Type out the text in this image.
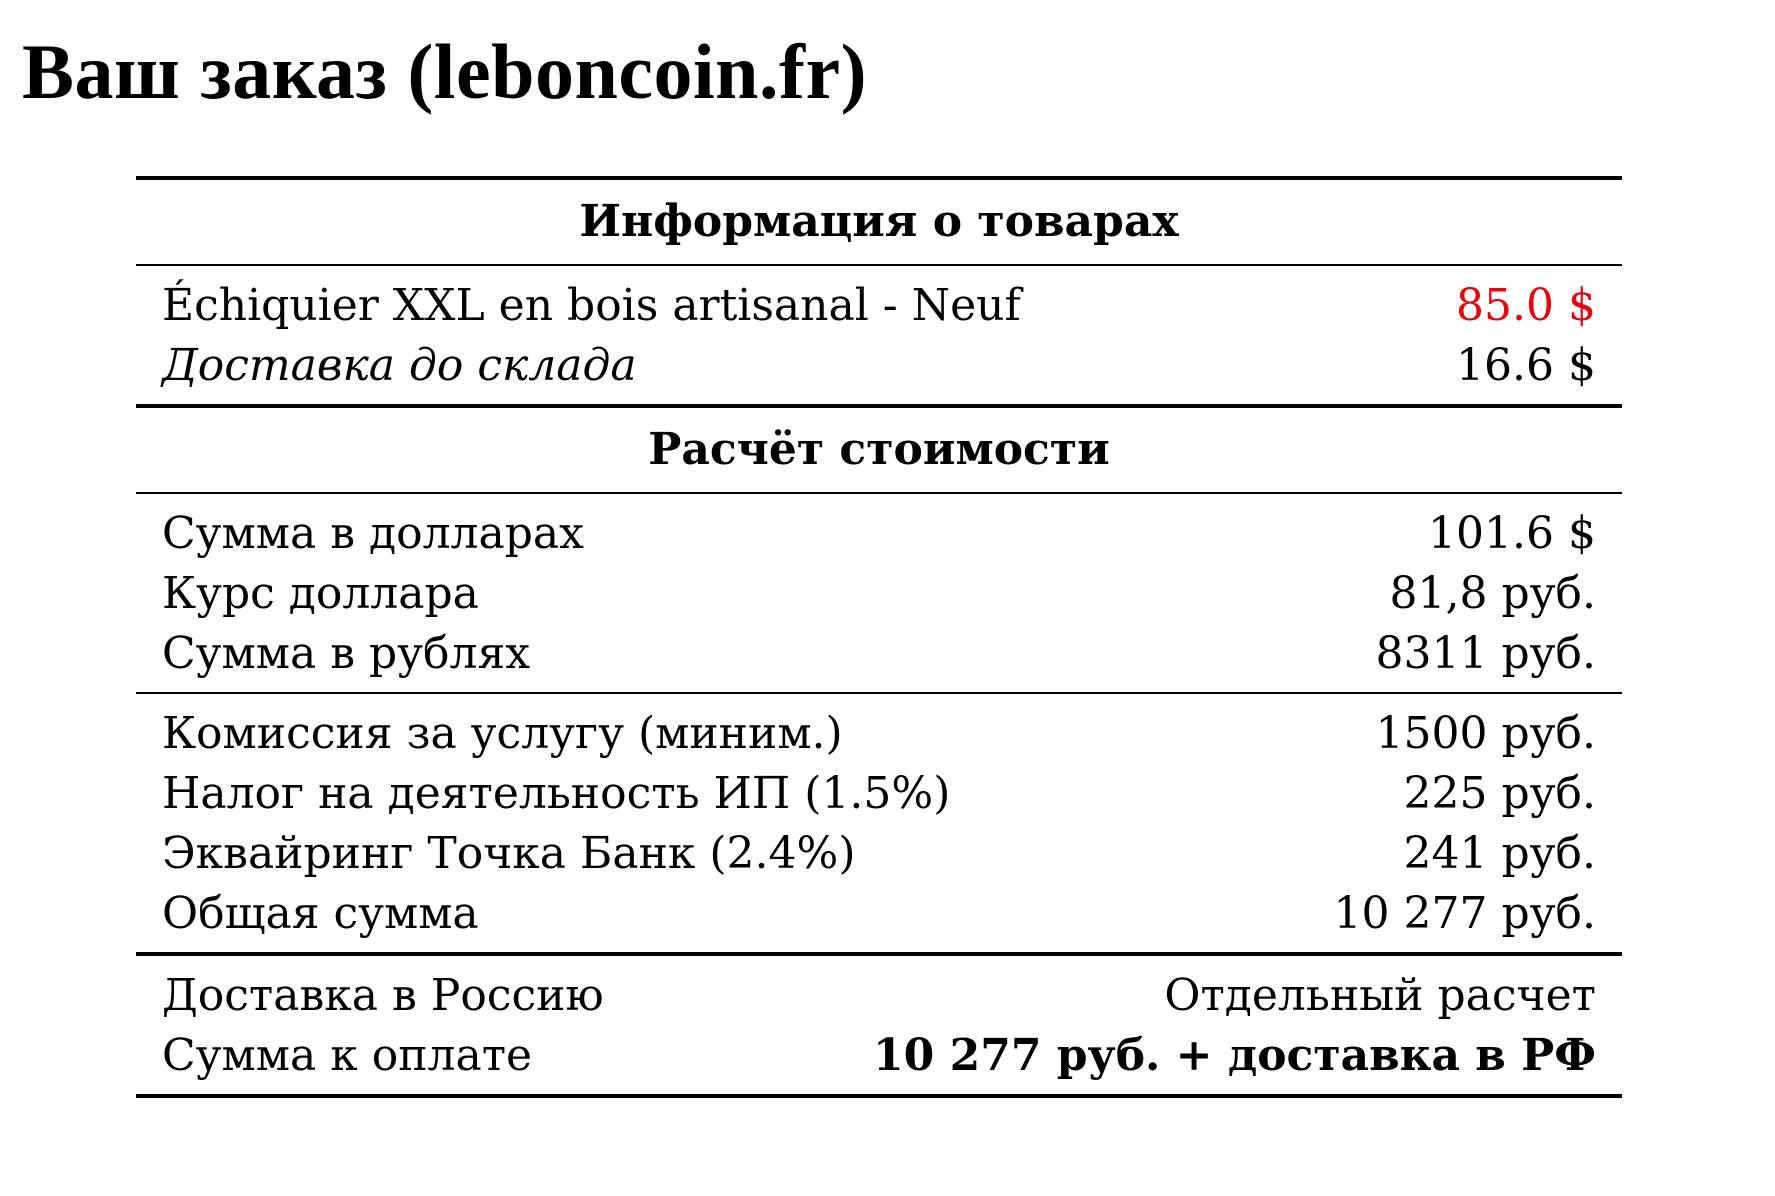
Ваш заказ (leboncoin.fr)
Информация о товарах
Échiquier XXL en bois artisanal - Neuf	85.0 $
Доставка до склада	16.6 $
Расчёт стоимости
Сумма в долларах	101.6 $
Курс доллара	81,8 руб.
Сумма в рублях	8311 руб.
Комиссия за услугу (миним.)	1500 руб.
Налог на деятельность ИП (1.5%)	225 руб.
Эквайринг Точка Банк (2.4%)	241 руб.
Общая сумма	10 277 руб.
Доставка в Россию	Отдельный расчет
Сумма к оплате	10 277 руб. + доставка в РФ
